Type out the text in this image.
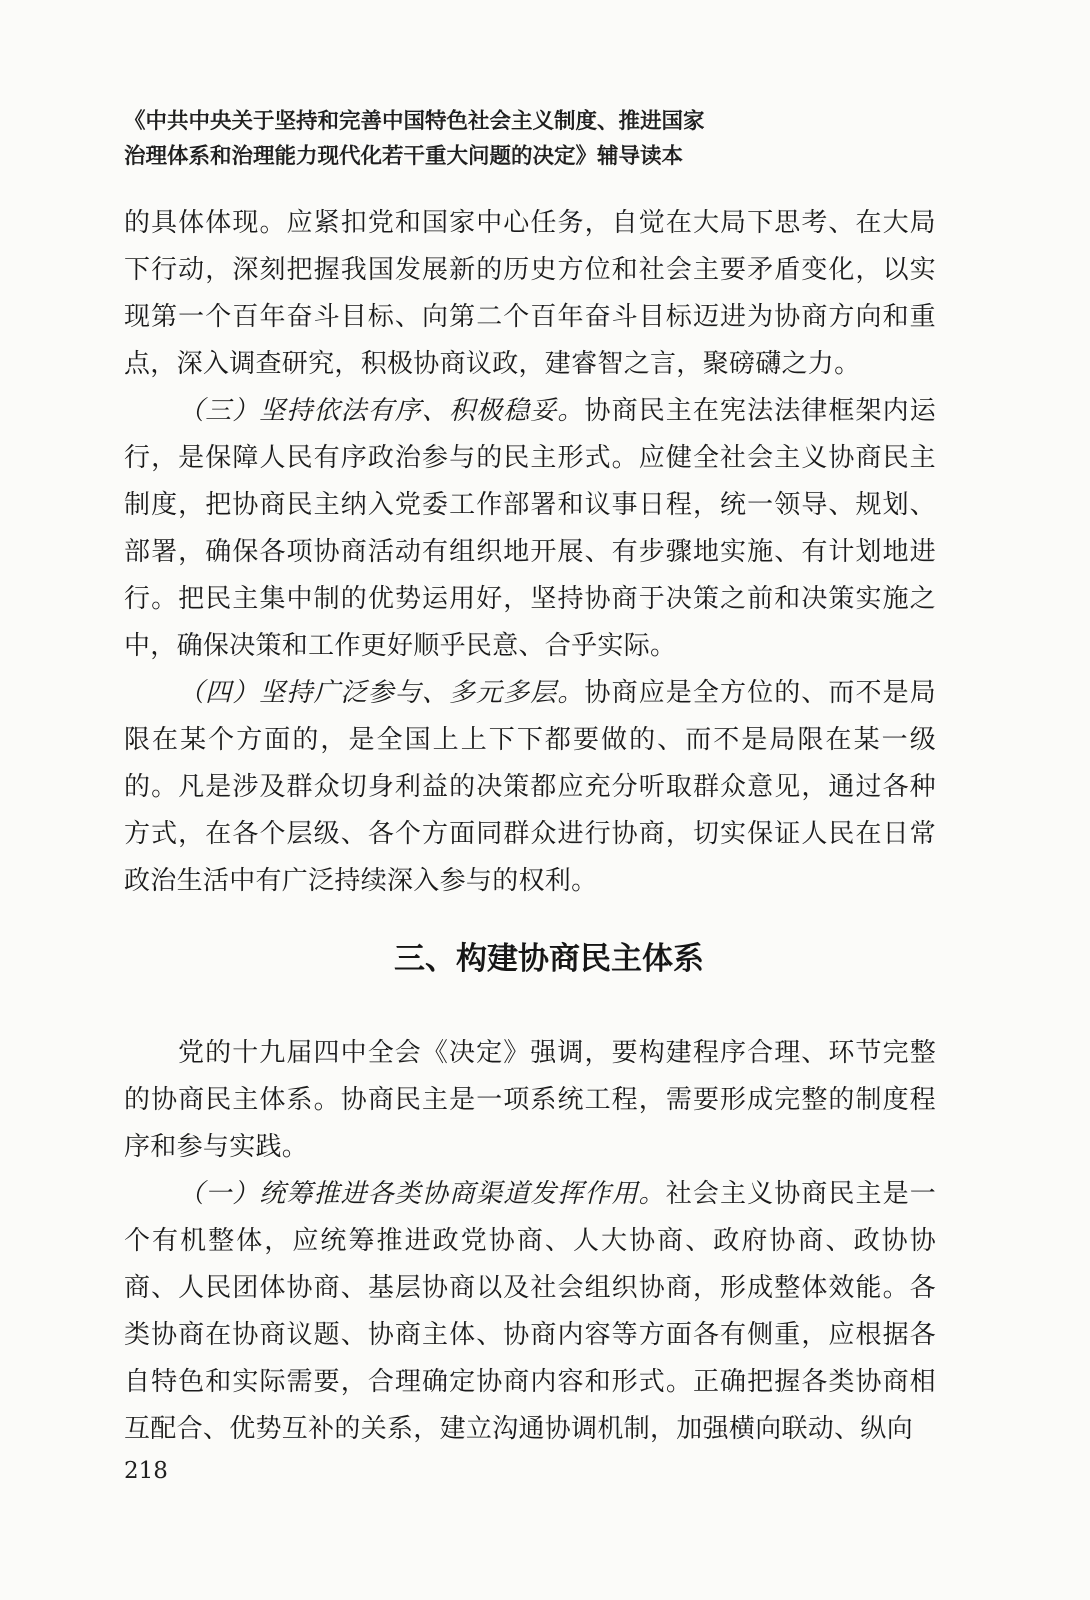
《中共中央关于坚持和完善中国特色社会主义制度、推进国家
治理体系和治理能力现代化若干重大问题的决定》辅导读本

的具体体现。应紧扣党和国家中心任务，自觉在大局下思考、在大局下行动，深刻把握我国发展新的历史方位和社会主要矛盾变化，以实现第一个百年奋斗目标、向第二个百年奋斗目标迈进为协商方向和重点，深入调查研究，积极协商议政，建睿智之言，聚磅礴之力。

（三）坚持依法有序、积极稳妥。协商民主在宪法法律框架内运行，是保障人民有序政治参与的民主形式。应健全社会主义协商民主制度，把协商民主纳入党委工作部署和议事日程，统一领导、规划、部署，确保各项协商活动有组织地开展、有步骤地实施、有计划地进行。把民主集中制的优势运用好，坚持协商于决策之前和决策实施之中，确保决策和工作更好顺乎民意、合乎实际。

（四）坚持广泛参与、多元多层。协商应是全方位的、而不是局限在某个方面的，是全国上上下下都要做的、而不是局限在某一级的。凡是涉及群众切身利益的决策都应充分听取群众意见，通过各种方式，在各个层级、各个方面同群众进行协商，切实保证人民在日常政治生活中有广泛持续深入参与的权利。

三、构建协商民主体系

党的十九届四中全会《决定》强调，要构建程序合理、环节完整的协商民主体系。协商民主是一项系统工程，需要形成完整的制度程序和参与实践。

（一）统筹推进各类协商渠道发挥作用。社会主义协商民主是一个有机整体，应统筹推进政党协商、人大协商、政府协商、政协协商、人民团体协商、基层协商以及社会组织协商，形成整体效能。各类协商在协商议题、协商主体、协商内容等方面各有侧重，应根据各自特色和实际需要，合理确定协商内容和形式。正确把握各类协商相互配合、优势互补的关系，建立沟通协调机制，加强横向联动、纵向

218
